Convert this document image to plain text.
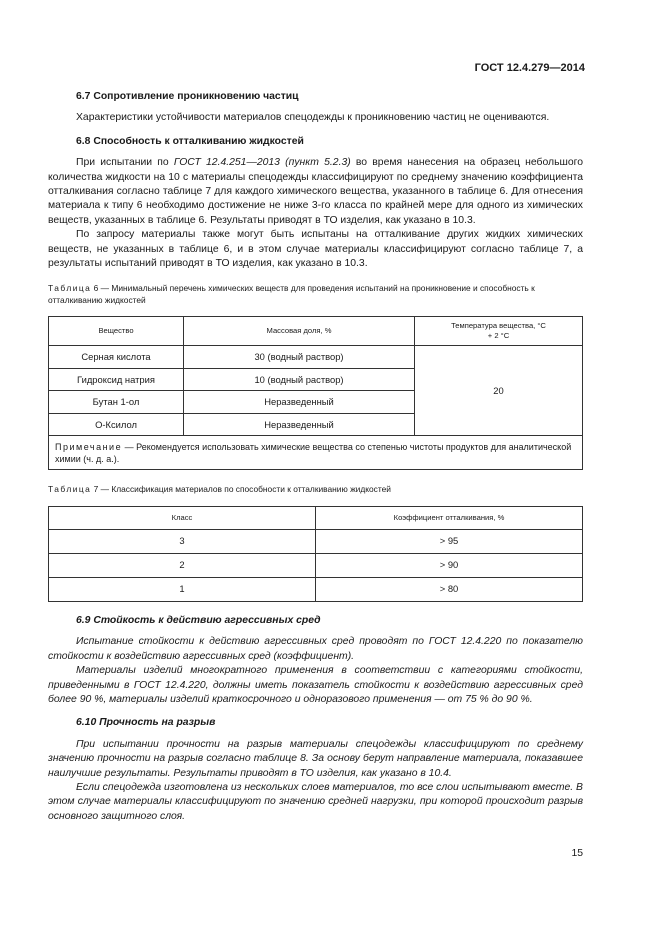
ГОСТ 12.4.279—2014
6.7 Сопротивление проникновению частиц

Характеристики устойчивости материалов спецодежды к проникновению частиц не оцениваются.

6.8 Способность к отталкиванию жидкостей

При испытании по ГОСТ 12.4.251—2013 (пункт 5.2.3) во время нанесения на образец небольшого количества жидкости на 10 с материалы спецодежды классифицируют по среднему значению коэффициента отталкивания согласно таблице 7 для каждого химического вещества, указанного в таблице 6. Для отнесения материала к типу 6 необходимо достижение не ниже 3-го класса по крайней мере для одного из химических веществ, указанных в таблице 6. Результаты приводят в ТО изделия, как указано в 10.3.

По запросу материалы также могут быть испытаны на отталкивание других жидких химических веществ, не указанных в таблице 6, и в этом случае материалы классифицируют согласно таблице 7, а результаты испытаний приводят в ТО изделия, как указано в 10.3.

Таблица 6 — Минимальный перечень химических веществ для проведения испытаний на проникновение и способность к отталкиванию жидкостей
Вещество	Массовая доля, %	Температура вещества, °С
+ 2 °С
Серная кислота	30 (водный раствор)	20
Гидроксид натрия	10 (водный раствор)	
Бутан 1-ол	Неразведенный	
О-Ксилол	Неразведенный	
Примечание — Рекомендуется использовать химические вещества со степенью чистоты продуктов для аналитической химии (ч. д. а.).		
Таблица 7 — Классификация материалов по способности к отталкиванию жидкостей
Класс	Коэффициент отталкивания, %
3	> 95
2	> 90
1	> 80
6.9 Стойкость к действию агрессивных сред

Испытание стойкости к действию агрессивных сред проводят по ГОСТ 12.4.220 по показателю стойкости к воздействию агрессивных сред (коэффициент).

Материалы изделий многократного применения в соответствии с категориями стойкости, приведенными в ГОСТ 12.4.220, должны иметь показатель стойкости к воздействию агрессивных сред более 90 %, материалы изделий краткосрочного и одноразового применения — от 75 % до 90 %.

6.10 Прочность на разрыв

При испытании прочности на разрыв материалы спецодежды классифицируют по среднему значению прочности на разрыв согласно таблице 8. За основу берут направление материала, показавшее наилучшие результаты. Результаты приводят в ТО изделия, как указано в 10.4.

Если спецодежда изготовлена из нескольких слоев материалов, то все слои испытывают вместе. В этом случае материалы классифицируют по значению средней нагрузки, при которой происходит разрыв основного защитного слоя.

15
